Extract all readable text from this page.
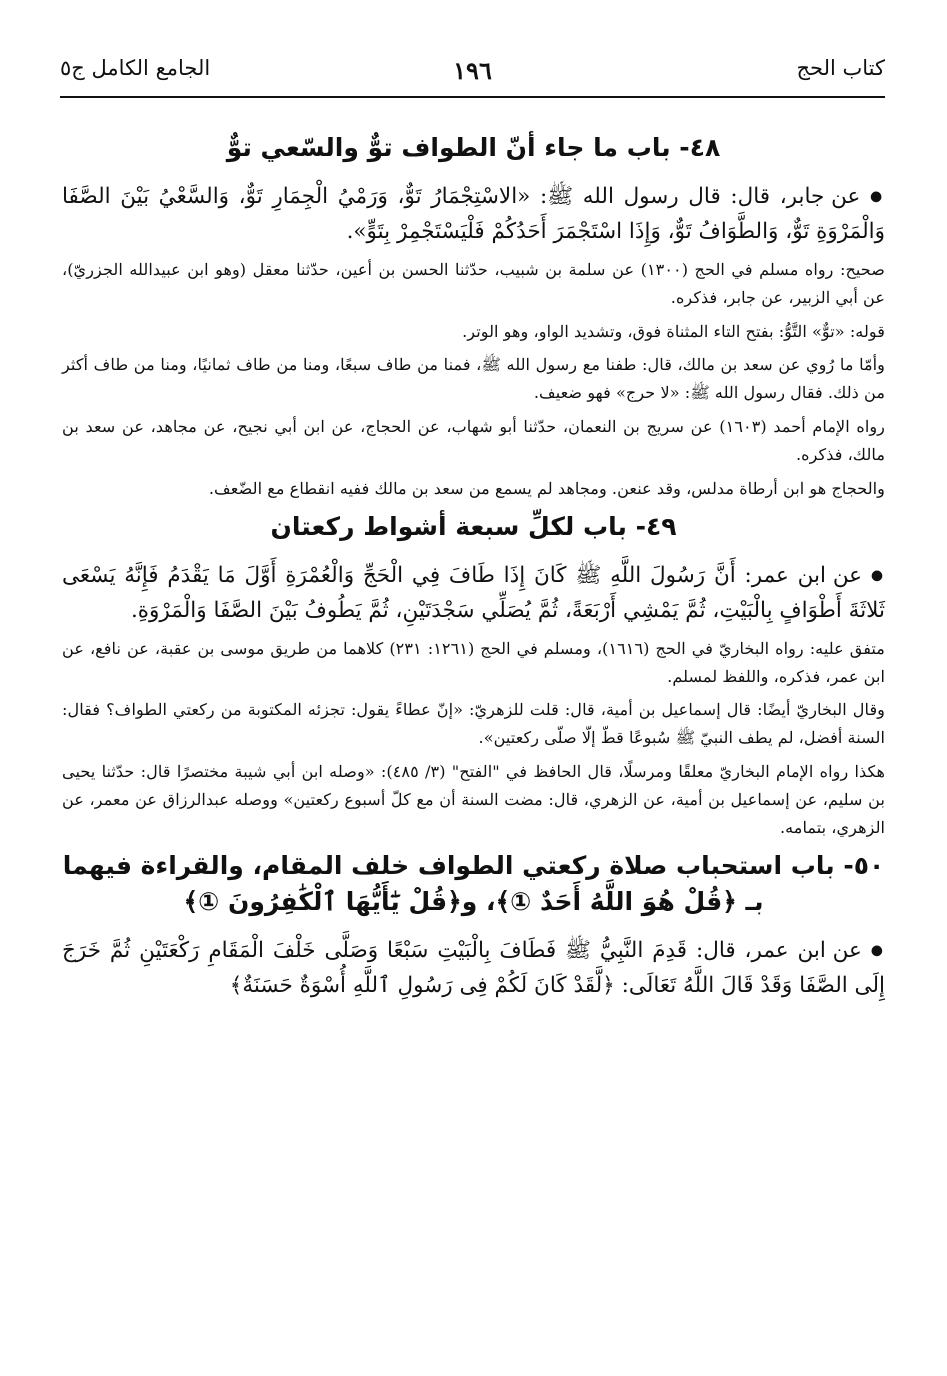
كتاب الحج
١٩٦
الجامع الكامل ج٥
٤٨- باب ما جاء أنّ الطواف توٌّ والسّعي توٌّ
● عن جابر، قال: قال رسول الله ﷺ: «الاسْتِجْمَارُ تَوٌّ، وَرَمْيُ الْجِمَارِ تَوٌّ، وَالسَّعْيُ بَيْنَ الصَّفَا وَالْمَرْوَةِ تَوٌّ، وَالطَّوَافُ تَوٌّ، وَإِذَا اسْتَجْمَرَ أَحَدُكُمْ فَلْيَسْتَجْمِرْ بِتَوٍّ».

صحيح: رواه مسلم في الحج (١٣٠٠) عن سلمة بن شبيب، حدّثنا الحسن بن أعين، حدّثنا معقل (وهو ابن عبيدالله الجزريّ)، عن أبي الزبير، عن جابر، فذكره.

قوله: «توٌّ» التَّوُّ: بفتح التاء المثناة فوق، وتشديد الواو، وهو الوتر.

وأمّا ما رُوي عن سعد بن مالك، قال: طفنا مع رسول الله ﷺ، فمنا من طاف سبعًا، ومنا من طاف ثمانيًا، ومنا من طاف أكثر من ذلك. فقال رسول الله ﷺ: «لا حرج» فهو ضعيف.

رواه الإمام أحمد (١٦٠٣) عن سريج بن النعمان، حدّثنا أبو شهاب، عن الحجاج، عن ابن أبي نجيح، عن مجاهد، عن سعد بن مالك، فذكره.

والحجاج هو ابن أرطاة مدلس، وقد عنعن. ومجاهد لم يسمع من سعد بن مالك ففيه انقطاع مع الضّعف.

٤٩- باب لكلِّ سبعة أشواط ركعتان
● عن ابن عمر: أَنَّ رَسُولَ اللَّهِ ﷺ كَانَ إِذَا طَافَ فِي الْحَجِّ وَالْعُمْرَةِ أَوَّلَ مَا يَقْدَمُ فَإِنَّهُ يَسْعَى ثَلاثَةَ أَطْوَافٍ بِالْبَيْتِ، ثُمَّ يَمْشِي أَرْبَعَةً، ثُمَّ يُصَلِّي سَجْدَتَيْنِ، ثُمَّ يَطُوفُ بَيْنَ الصَّفَا وَالْمَرْوَةِ.

متفق عليه: رواه البخاريّ في الحج (١٦١٦)، ومسلم في الحج (١٢٦١: ٢٣١) كلاهما من طريق موسى بن عقبة، عن نافع، عن ابن عمر، فذكره، واللفظ لمسلم.

وقال البخاريّ أيضًا: قال إسماعيل بن أمية، قال: قلت للزهريّ: «إنّ عطاءً يقول: تجزئه المكتوبة من ركعتي الطواف؟ فقال: السنة أفضل، لم يطف النبيّ ﷺ سُبوعًا قطّ إلّا صلّى ركعتين».

هكذا رواه الإمام البخاريّ معلقًا ومرسلًا، قال الحافظ في "الفتح" (٣/ ٤٨٥): «وصله ابن أبي شيبة مختصرًا قال: حدّثنا يحيى بن سليم، عن إسماعيل بن أمية، عن الزهري، قال: مضت السنة أن مع كلّ أسبوع ركعتين» ووصله عبدالرزاق عن معمر، عن الزهري، بتمامه.

٥٠- باب استحباب صلاة ركعتي الطواف خلف المقام، والقراءة فيهما بـ ﴿قُلْ هُوَ اللَّهُ أَحَدٌ ①﴾، و﴿قُلْ يَٰٓأَيُّهَا ٱلْكَٰفِرُونَ ①﴾
● عن ابن عمر، قال: قَدِمَ النَّبِيُّ ﷺ فَطَافَ بِالْبَيْتِ سَبْعًا وَصَلَّى خَلْفَ الْمَقَامِ رَكْعَتَيْنِ ثُمَّ خَرَجَ إِلَى الصَّفَا وَقَدْ قَالَ اللَّهُ تَعَالَى: ﴿لَّقَدْ كَانَ لَكُمْ فِى رَسُولِ ٱللَّهِ أُسْوَةٌ حَسَنَةٌ﴾
